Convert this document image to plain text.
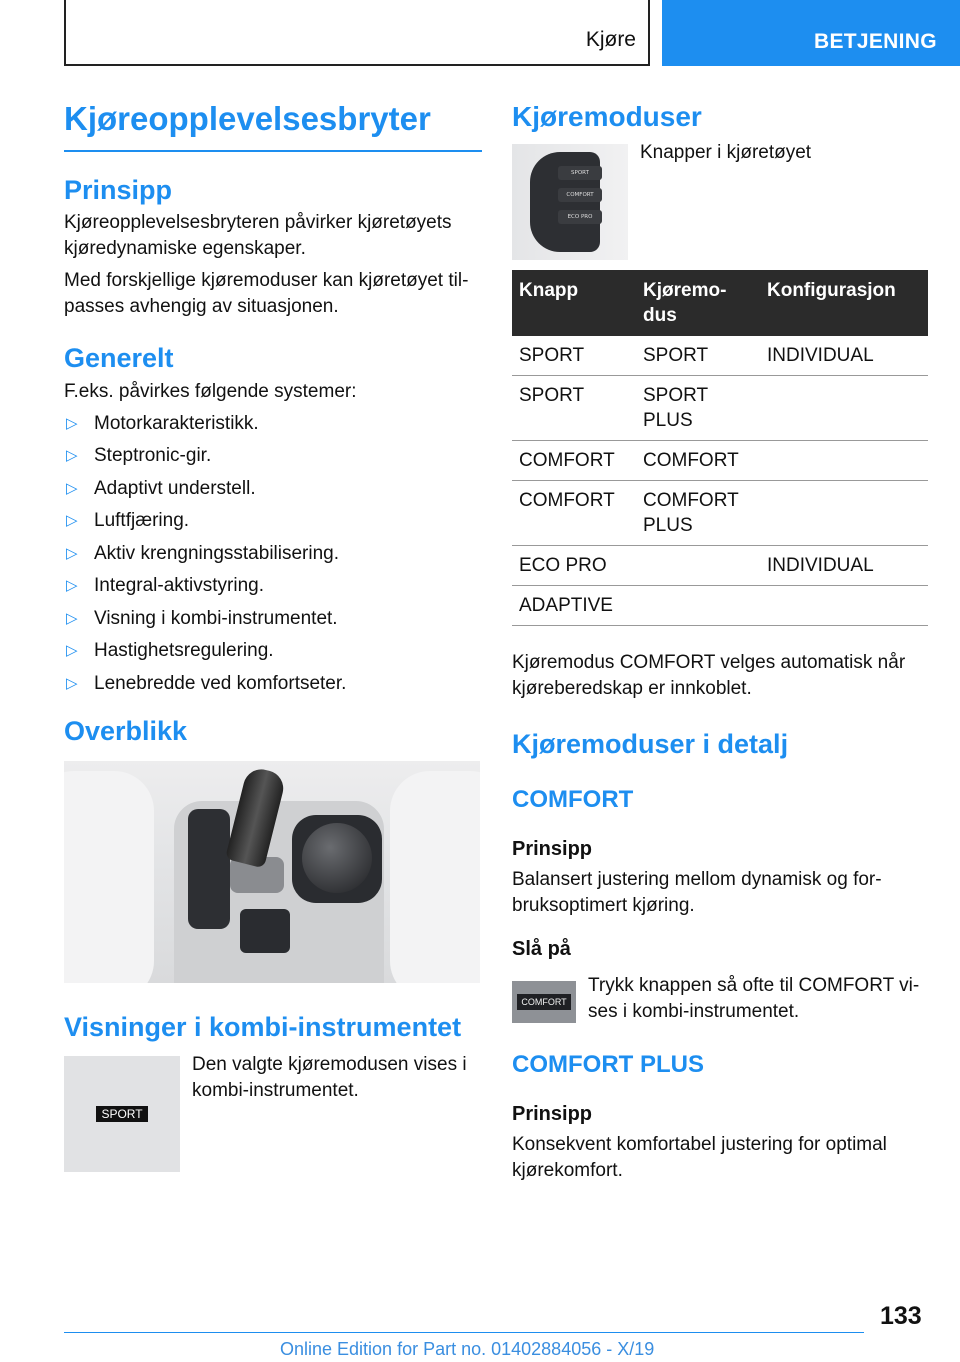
Kjøre	BETJENING
Kjøreopplevelsesbryter
Prinsipp

Kjøreopplevelsesbryteren påvirker kjøretøyets kjøredynamiske egenskaper.

Med forskjellige kjøremoduser kan kjøretøyet til‐passes avhengig av situasjonen.

Generelt

F.eks. påvirkes følgende systemer:

▷ Motorkarakteristikk.
▷ Steptronic-gir.
▷ Adaptivt understell.
▷ Luftfjæring.
▷ Aktiv krengningsstabilisering.
▷ Integral-aktivstyring.
▷ Visning i kombi-instrumentet.
▷ Hastighetsregulering.
▷ Lenebredde ved komfortseter.
Overblikk
Visninger i kombi-instrumentet
SPORT

Den valgte kjøremodusen vises i kombi-instrumentet.

Kjøremoduser
SPORT
COMFORT
ECO PRO

Knapper i kjøretøyet

Knapp	Kjøremo‐dus	Konfigurasjon
SPORT	SPORT	INDIVIDUAL
SPORT	SPORT PLUS	
COMFORT	COMFORT	
COMFORT	COMFORT PLUS	
ECO PRO		INDIVIDUAL
ADAPTIVE		

Kjøremodus COMFORT velges automatisk når kjøreberedskap er innkoblet.

Kjøremoduser i detalj
COMFORT
Prinsipp

Balansert justering mellom dynamisk og for‐bruksoptimert kjøring.

Slå på
COMFORT

Trykk knappen så ofte til COMFORT vi‐ses i kombi-instrumentet.

COMFORT PLUS
Prinsipp

Konsekvent komfortabel justering for optimal kjørekomfort.

133
Online Edition for Part no. 01402884056 - X/19
